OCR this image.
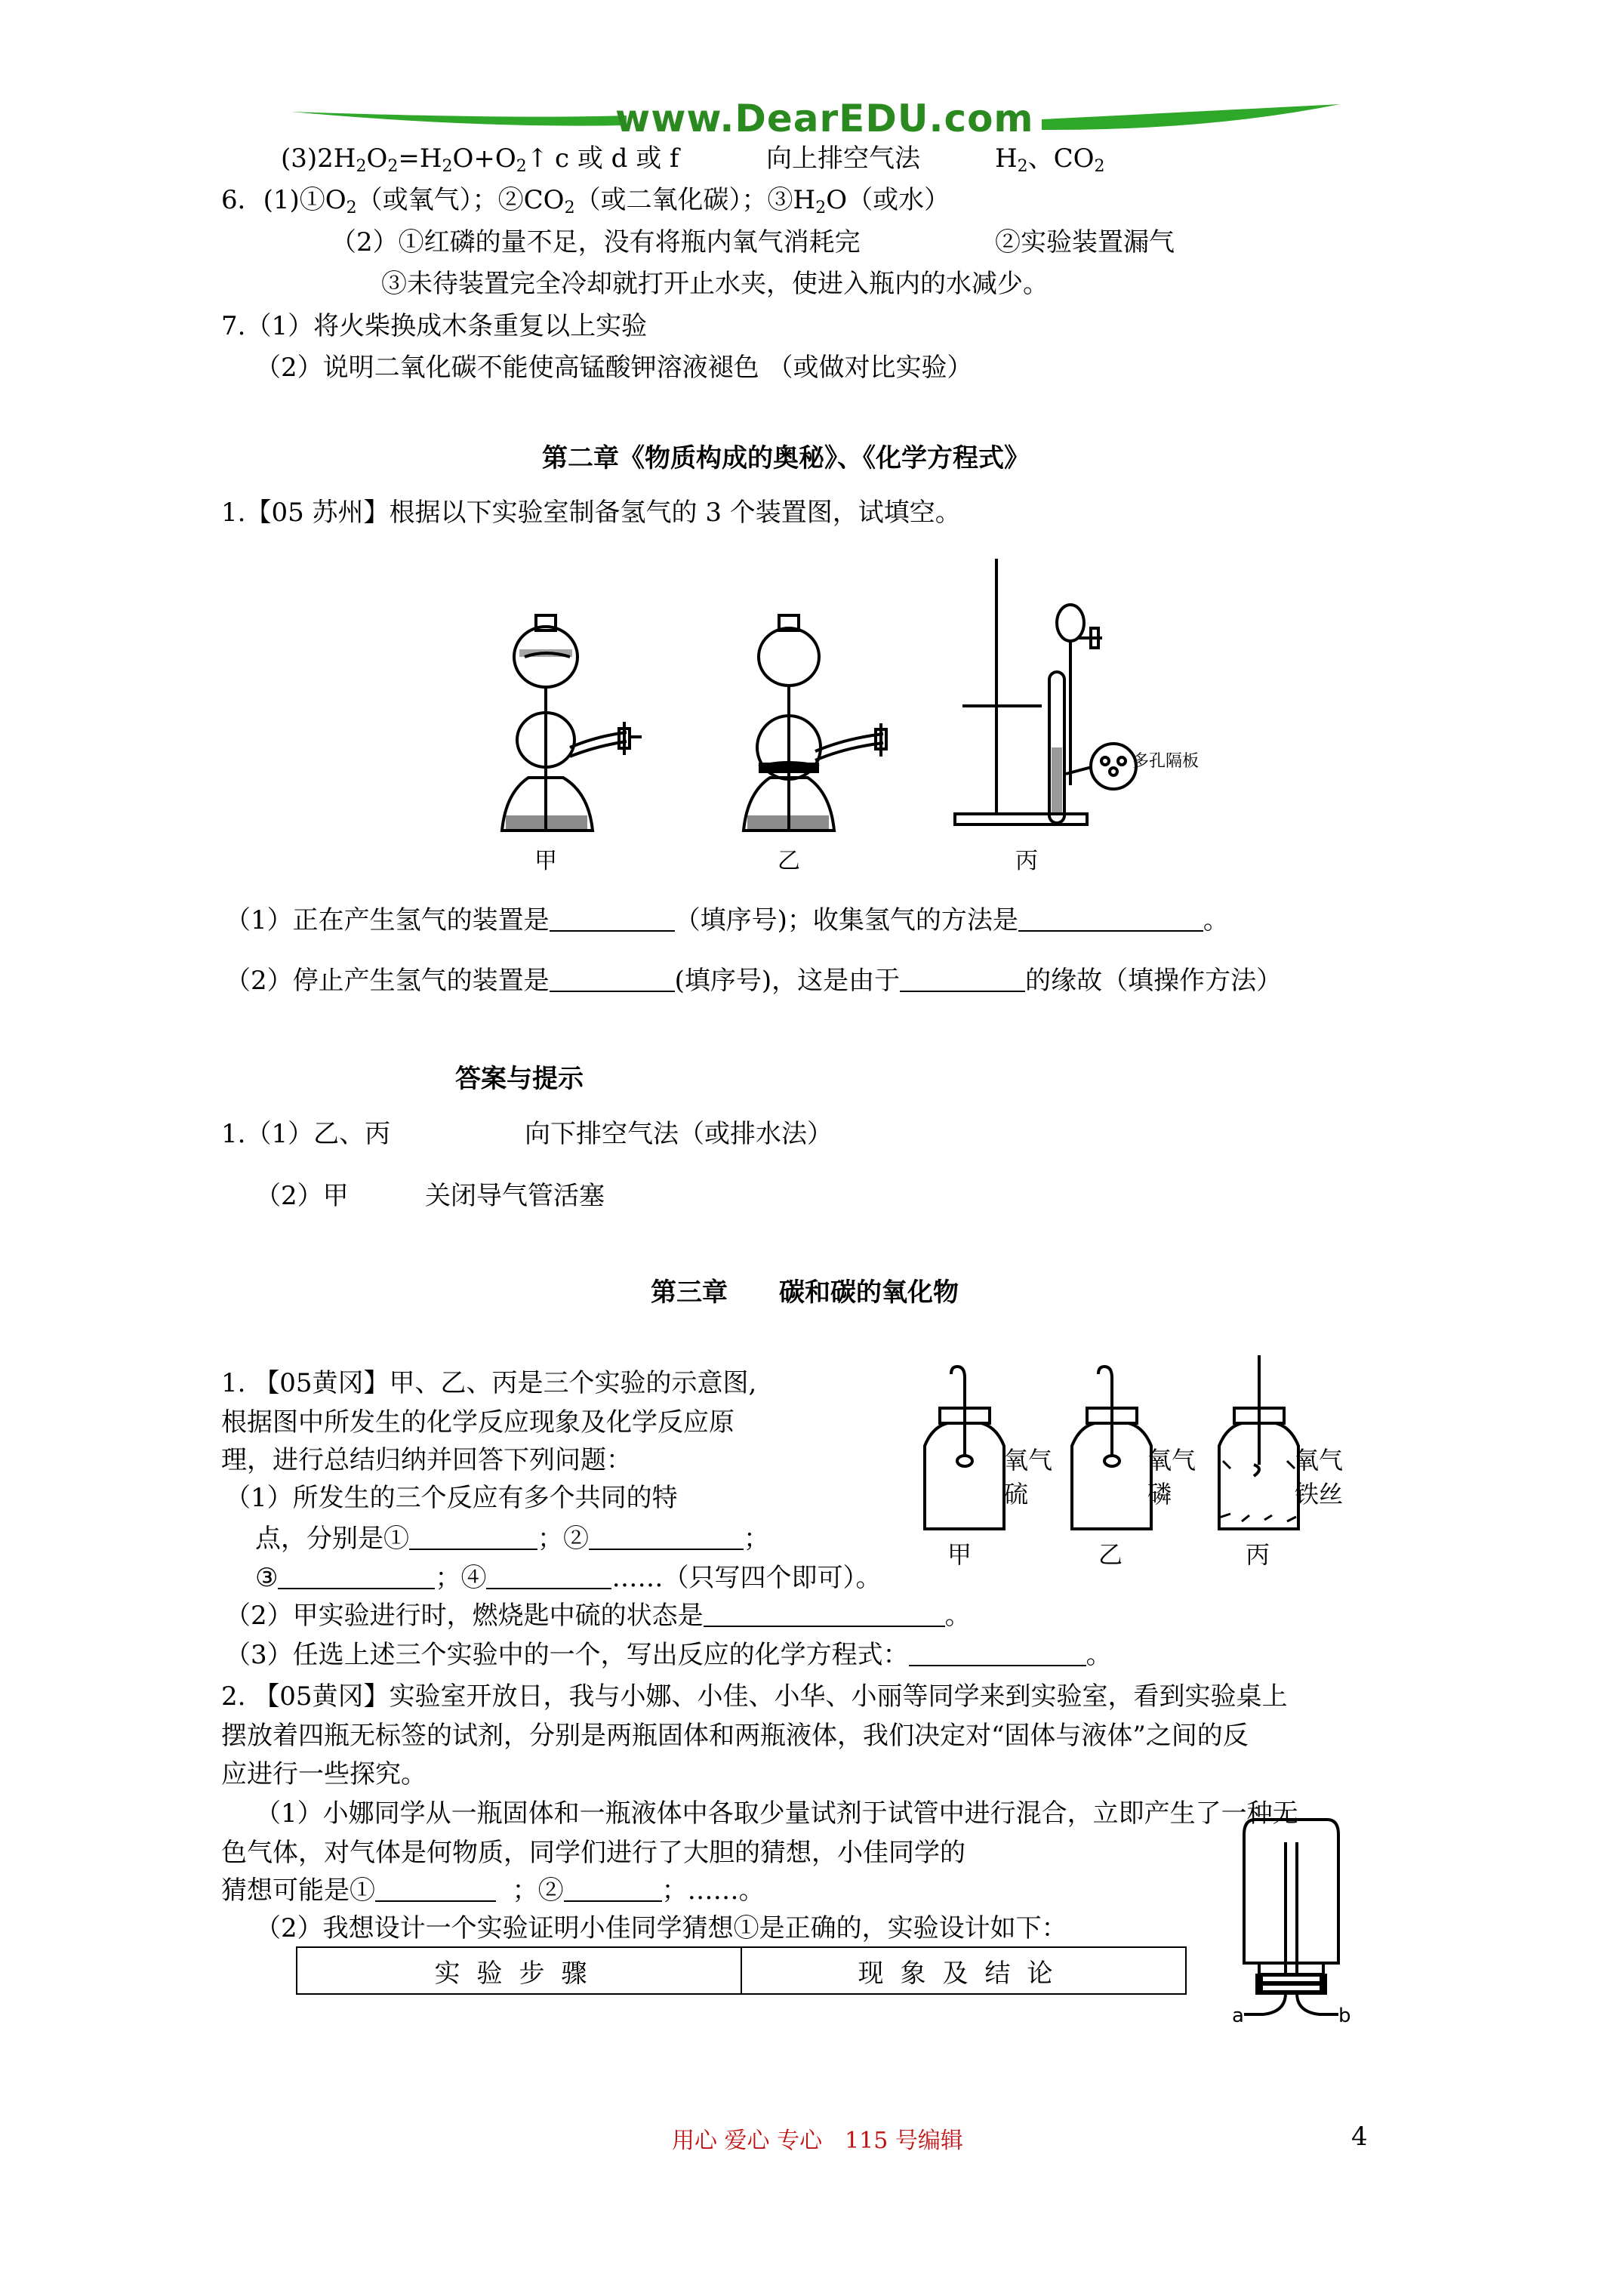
www.DearEDU.com
$(3)2H_2O_2=H_2O+O_2↑$ c 或 d 或 f	向上排空气法	$H_2$、$CO_2$
6．$(1)①O_2$（或氧气）；$②CO_2$（或二氧化碳）；$③H_2O$（或水）
（2）①红磷的量不足，没有将瓶内氧气消耗完	②实验装置漏气
③未待装置完全冷却就打开止水夹，使进入瓶内的水减少。
7.（1）将火柴换成木条重复以上实验
（2）说明二氧化碳不能使高锰酸钾溶液褪色 （或做对比实验）
第二章《物质构成的奥秘》、《化学方程式》
1.【05 苏州】根据以下实验室制备氢气的 3 个装置图，试填空。
多孔隔板
甲	乙	丙
（1）正在产生氢气的装置是	（填序号)；收集氢气的方法是	。
（2）停止产生氢气的装置是	(填序号)，这是由于	的缘故（填操作方法）
答案与提示
1.（1）乙、丙	向下排空气法（或排水法）
（2）甲	关闭导气管活塞
第三章　　碳和碳的氧化物
1. 【05黄冈】甲、乙、丙是三个实验的示意图,
根据图中所发生的化学反应现象及化学反应原
理，进行总结归纳并回答下列问题：
（1）所发生的三个反应有多个共同的特
点，分别是①	；②	；
③	；④	……（只写四个即可）。
（2）甲实验进行时，燃烧匙中硫的状态是	。
（3）任选上述三个实验中的一个，写出反应的化学方程式：	。
氧气
硫
氧气
磷
氧气
铁丝
甲	乙	丙
2. 【05黄冈】实验室开放日，我与小娜、小佳、小华、小丽等同学来到实验室，看到实验桌上
摆放着四瓶无标签的试剂，分别是两瓶固体和两瓶液体，我们决定对“固体与液体”之间的反
应进行一些探究。
（1）小娜同学从一瓶固体和一瓶液体中各取少量试剂于试管中进行混合，立即产生了一种无
色气体，对气体是何物质，同学们进行了大胆的猜想，小佳同学的
猜想可能是①	；②	；……。
（2）我想设计一个实验证明小佳同学猜想①是正确的，实验设计如下：
实验步骤	现象及结论
a	b
用心 爱心 专心　115 号编辑	4
